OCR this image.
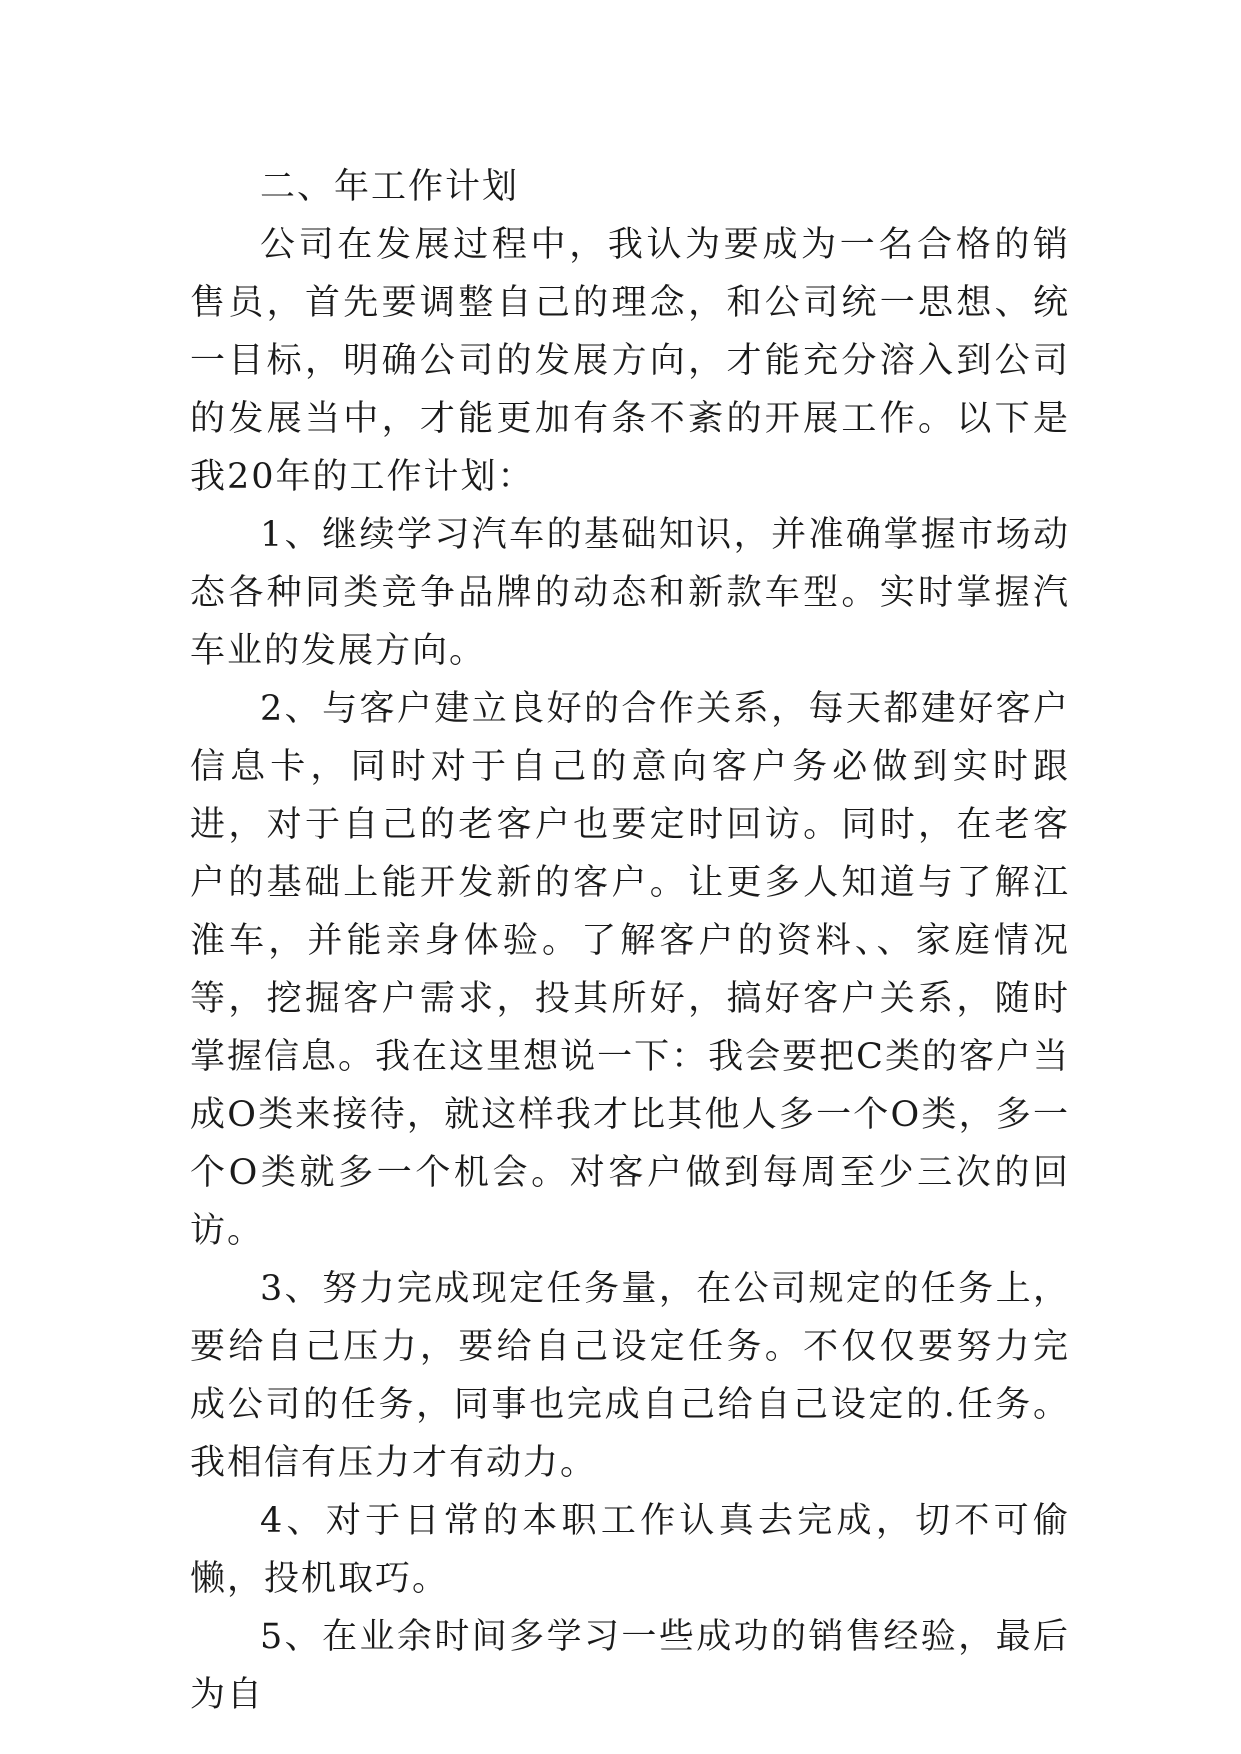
二、年工作计划

公司在发展过程中，我认为要成为一名合格的销售员，首先要调整自己的理念，和公司统一思想、统一目标，明确公司的发展方向，才能充分溶入到公司的发展当中，才能更加有条不紊的开展工作。以下是我20年的工作计划：

1、继续学习汽车的基础知识，并准确掌握市场动态各种同类竞争品牌的动态和新款车型。实时掌握汽车业的发展方向。

2、与客户建立良好的合作关系，每天都建好客户信息卡，同时对于自己的意向客户务必做到实时跟进，对于自己的老客户也要定时回访。同时，在老客户的基础上能开发新的客户。让更多人知道与了解江淮车，并能亲身体验。了解客户的资料、、家庭情况等，挖掘客户需求，投其所好，搞好客户关系，随时掌握信息。我在这里想说一下：我会要把C类的客户当成O类来接待，就这样我才比其他人多一个O类，多一个O类就多一个机会。对客户做到每周至少三次的回访。

3、努力完成现定任务量，在公司规定的任务上，要给自己压力，要给自己设定任务。不仅仅要努力完成公司的任务，同事也完成自己给自己设定的.任务。我相信有压力才有动力。

4、对于日常的本职工作认真去完成，切不可偷懒，投机取巧。

5、在业余时间多学习一些成功的销售经验，最后为自
